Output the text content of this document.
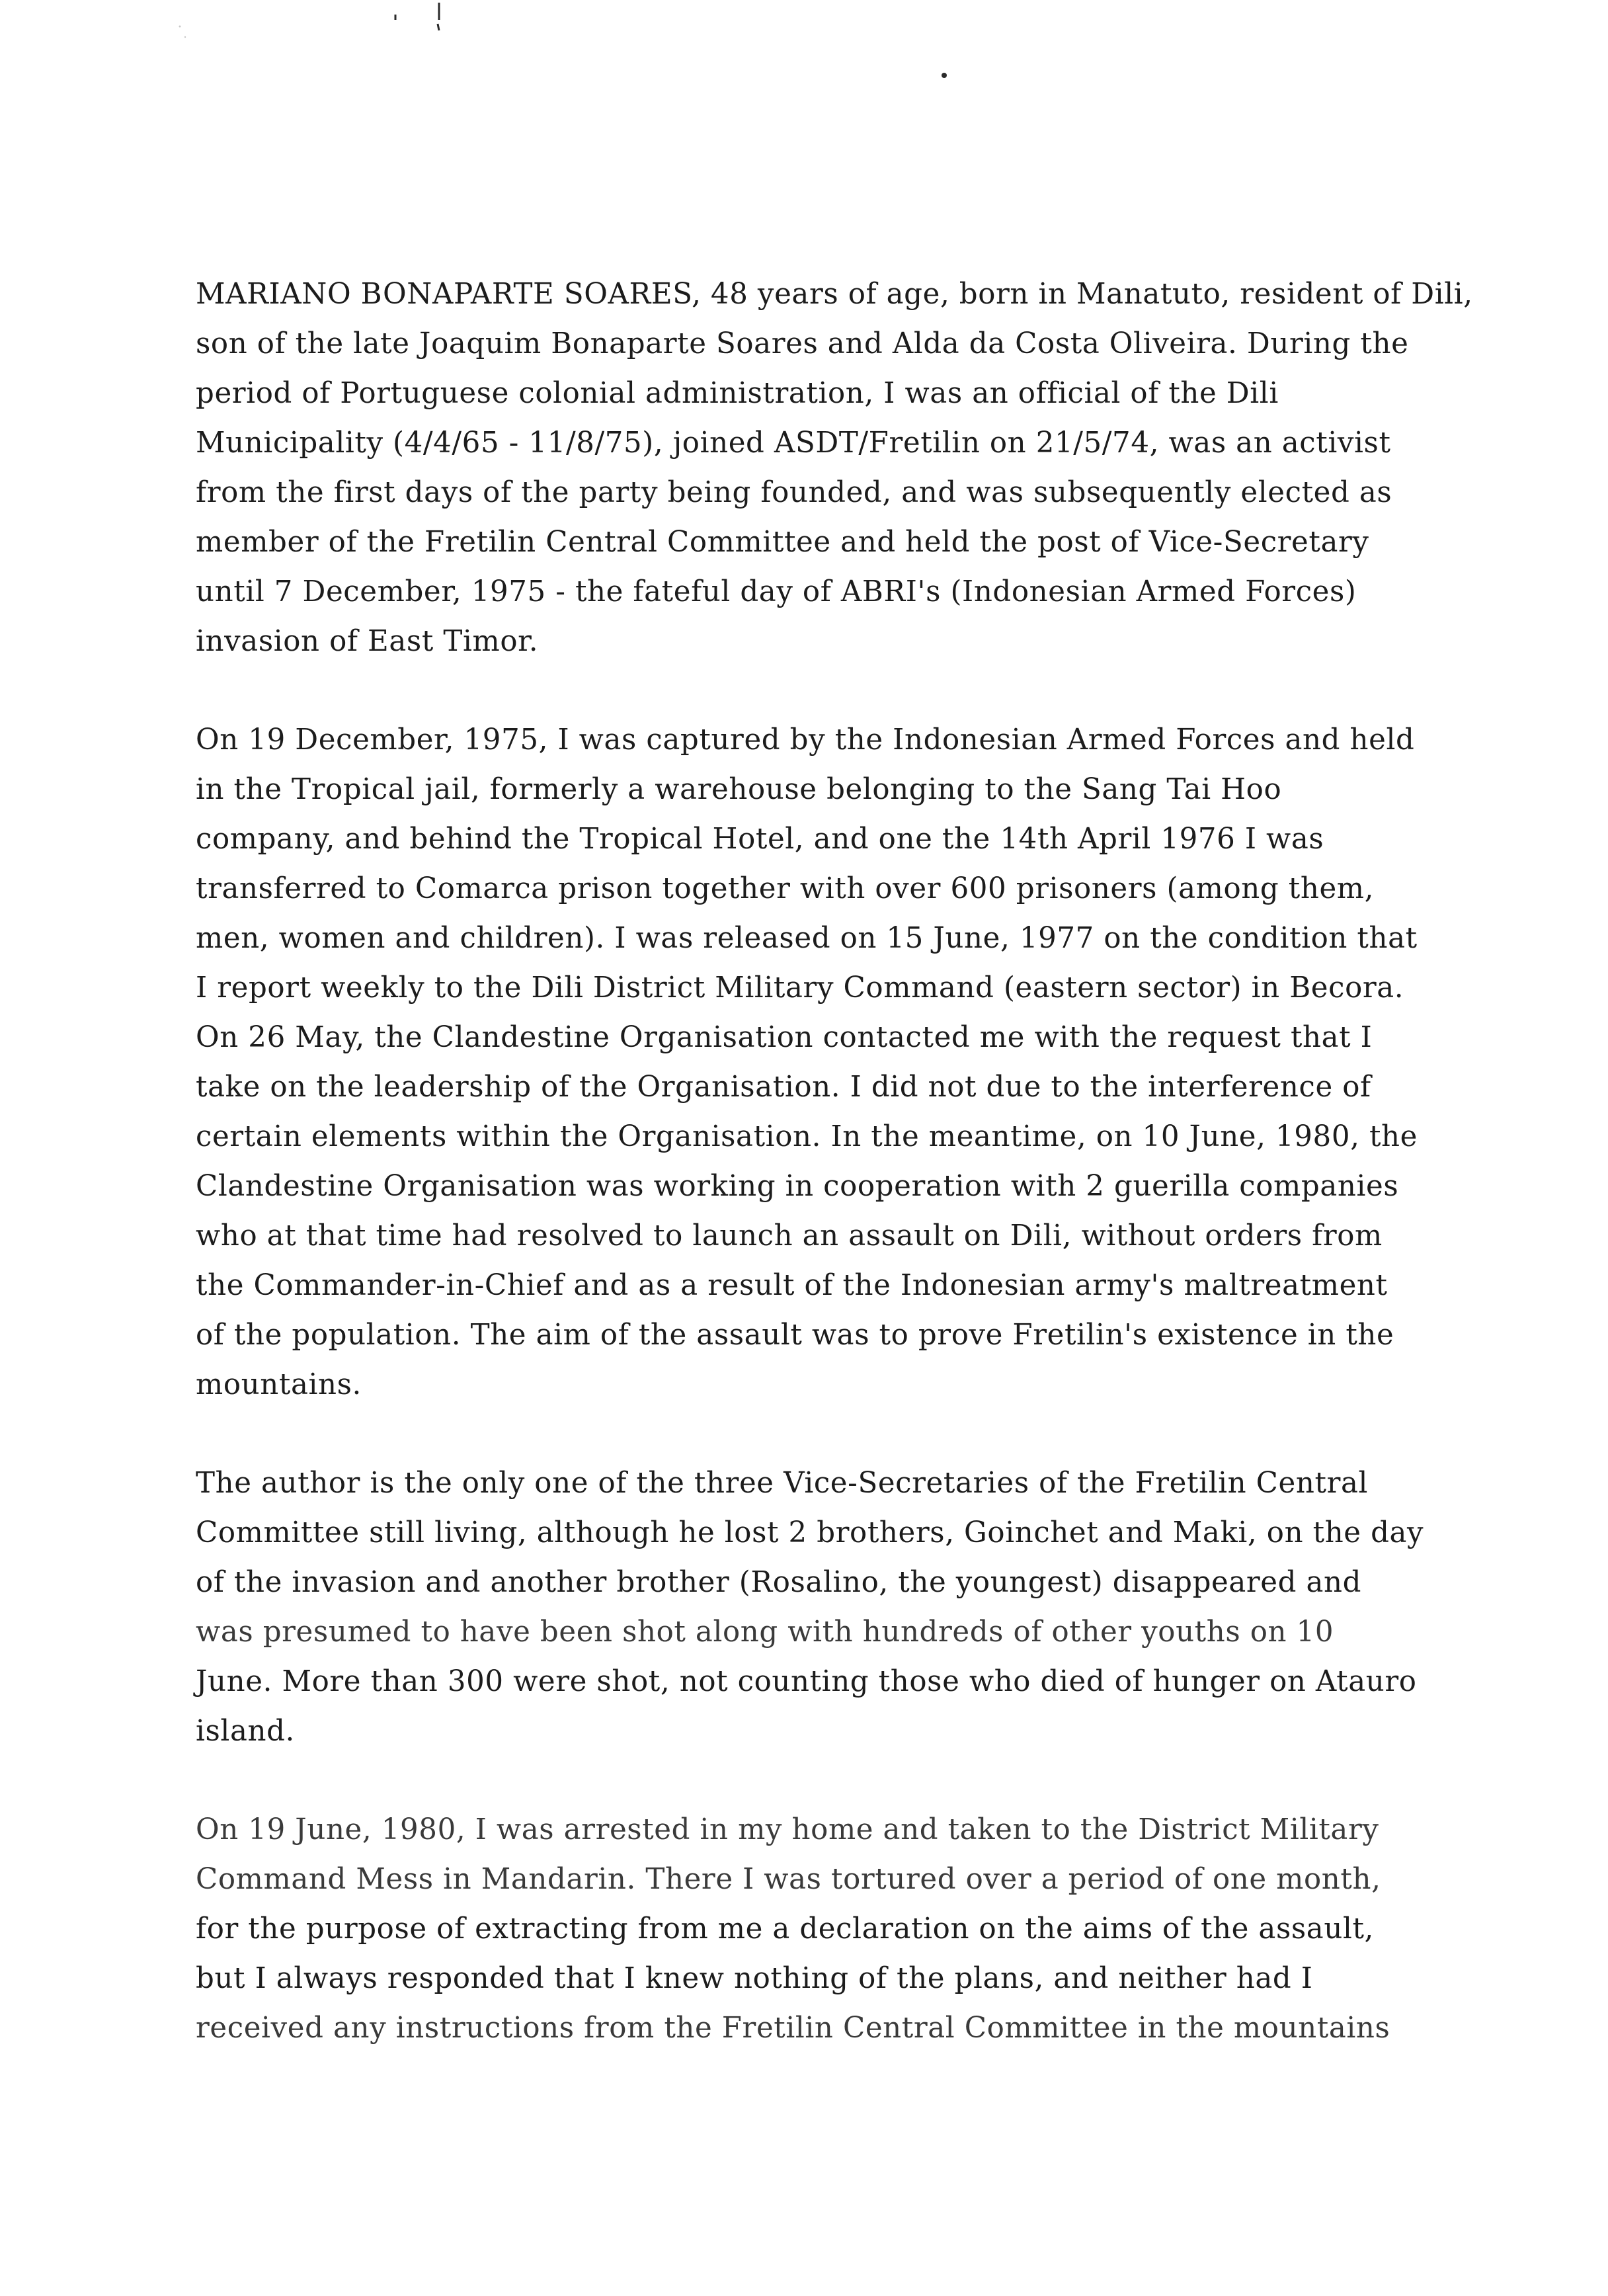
MARIANO BONAPARTE SOARES, 48 years of age, born in Manatuto, resident of Dili,
son of the late Joaquim Bonaparte Soares and Alda da Costa Oliveira. During the
period of Portuguese colonial administration, I was an official of the Dili
Municipality (4/4/65 - 11/8/75), joined ASDT/Fretilin on 21/5/74, was an activist
from the first days of the party being founded, and was subsequently elected as
member of the Fretilin Central Committee and held the post of Vice-Secretary
until 7 December, 1975 - the fateful day of ABRI's (Indonesian Armed Forces)
invasion of East Timor.
On 19 December, 1975, I was captured by the Indonesian Armed Forces and held
in the Tropical jail, formerly a warehouse belonging to the Sang Tai Hoo
company, and behind the Tropical Hotel, and one the 14th April 1976 I was
transferred to Comarca prison together with over 600 prisoners (among them,
men, women and children). I was released on 15 June, 1977 on the condition that
I report weekly to the Dili District Military Command (eastern sector) in Becora.
On 26 May, the Clandestine Organisation contacted me with the request that I
take on the leadership of the Organisation. I did not due to the interference of
certain elements within the Organisation. In the meantime, on 10 June, 1980, the
Clandestine Organisation was working in cooperation with 2 guerilla companies
who at that time had resolved to launch an assault on Dili, without orders from
the Commander-in-Chief and as a result of the Indonesian army's maltreatment
of the population. The aim of the assault was to prove Fretilin's existence in the
mountains.
The author is the only one of the three Vice-Secretaries of the Fretilin Central
Committee still living, although he lost 2 brothers, Goinchet and Maki, on the day
of the invasion and another brother (Rosalino, the youngest) disappeared and
was presumed to have been shot along with hundreds of other youths on 10
June. More than 300 were shot, not counting those who died of hunger on Atauro
island.
On 19 June, 1980, I was arrested in my home and taken to the District Military
Command Mess in Mandarin. There I was tortured over a period of one month,
for the purpose of extracting from me a declaration on the aims of the assault,
but I always responded that I knew nothing of the plans, and neither had I
received any instructions from the Fretilin Central Committee in the mountains
